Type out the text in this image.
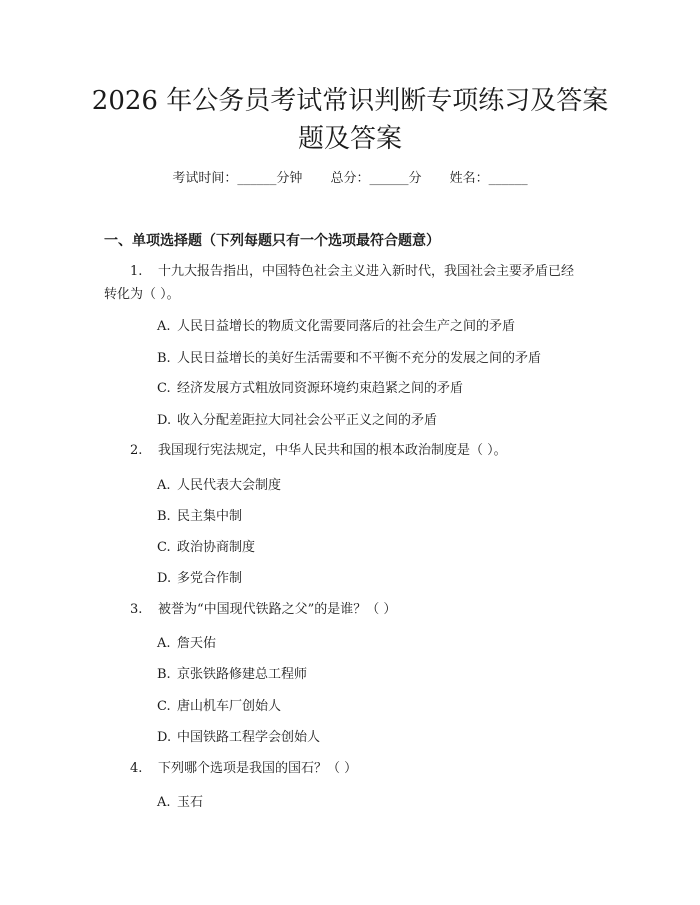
2026 年公务员考试常识判断专项练习及答案
题及答案
考试时间：______分钟 总分：______分 姓名：______
一、单项选择题（下列每题只有一个选项最符合题意）
1. 十九大报告指出，中国特色社会主义进入新时代，我国社会主要矛盾已经
转化为（ ）。
A. 人民日益增长的物质文化需要同落后的社会生产之间的矛盾
B. 人民日益增长的美好生活需要和不平衡不充分的发展之间的矛盾
C. 经济发展方式粗放同资源环境约束趋紧之间的矛盾
D. 收入分配差距拉大同社会公平正义之间的矛盾
2. 我国现行宪法规定，中华人民共和国的根本政治制度是（ ）。
A. 人民代表大会制度
B. 民主集中制
C. 政治协商制度
D. 多党合作制
3. 被誉为“中国现代铁路之父”的是谁？（ ）
A. 詹天佑
B. 京张铁路修建总工程师
C. 唐山机车厂创始人
D. 中国铁路工程学会创始人
4. 下列哪个选项是我国的国石？（ ）
A. 玉石
